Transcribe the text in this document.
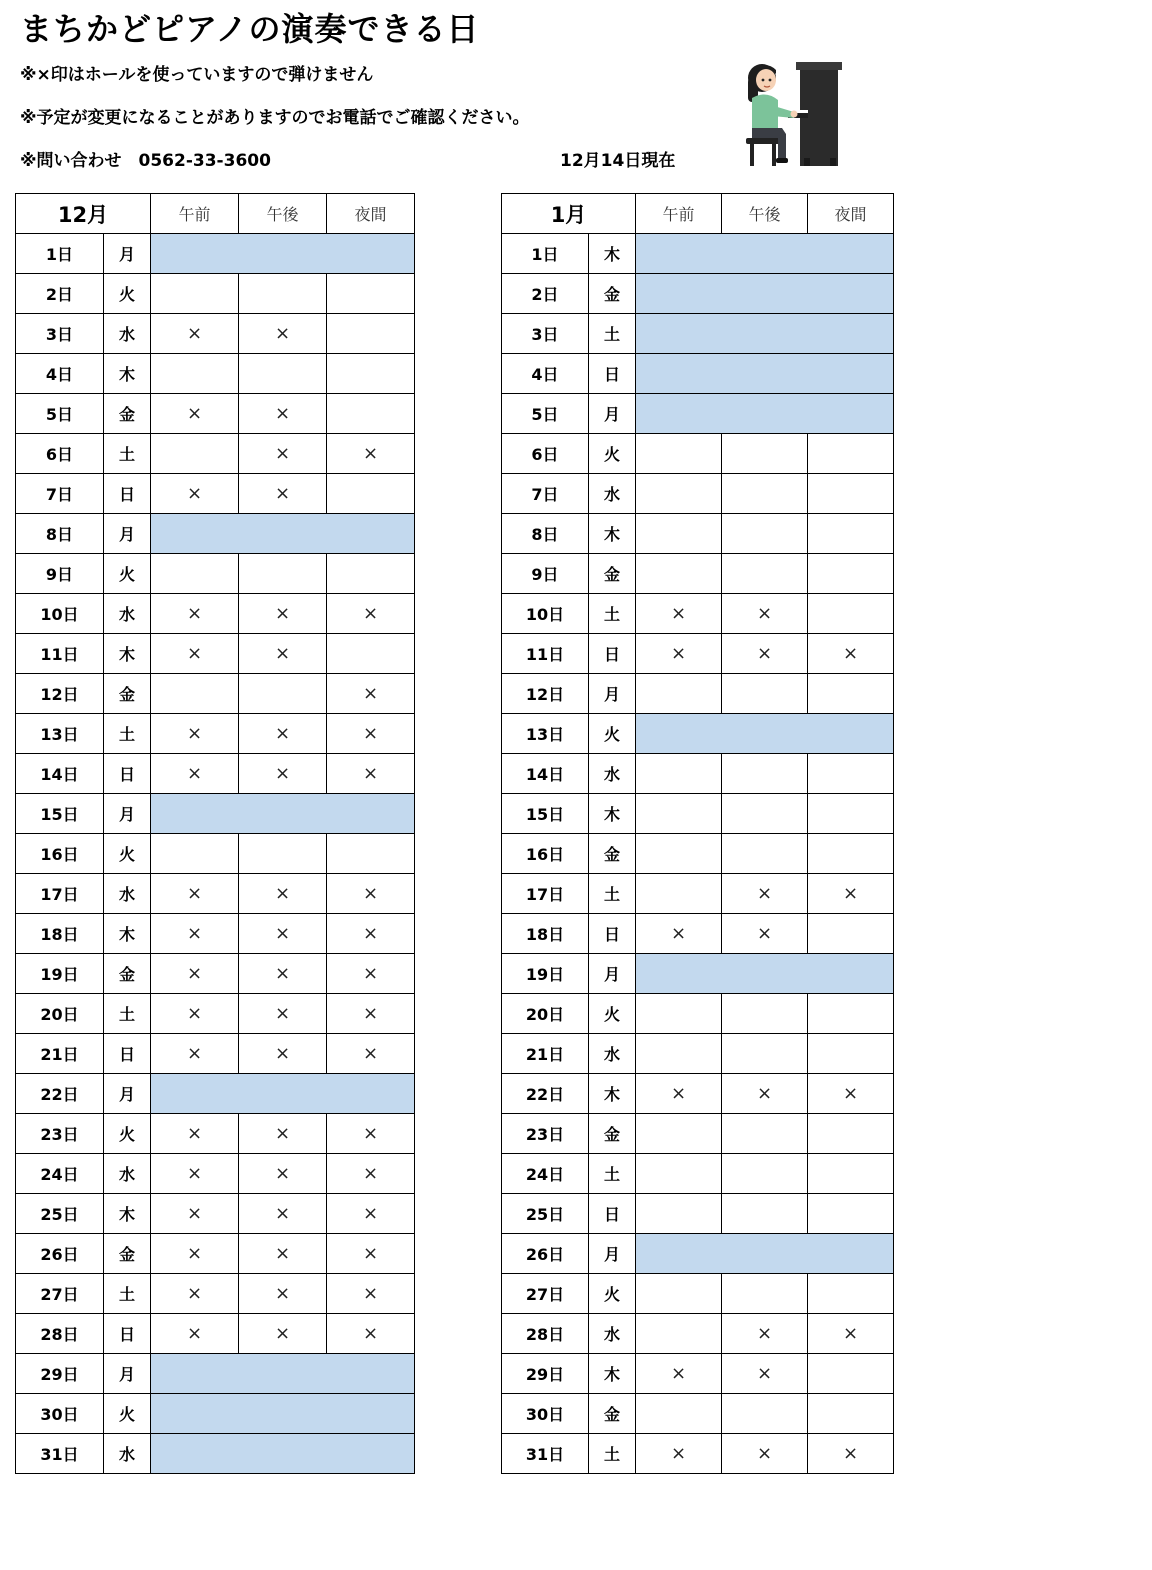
まちかどピアノの演奏できる日
※×印はホールを使っていますので弾けません
※予定が変更になることがありますのでお電話でご確認ください。
※問い合わせ　0562-33-3600	12月14日現在
12月		午前	午後	夜間
1日	月			
2日	火			
3日	水	×	×	
4日	木			
5日	金	×	×	
6日	土		×	×
7日	日	×	×	
8日	月			
9日	火			
10日	水	×	×	×
11日	木	×	×	
12日	金			×
13日	土	×	×	×
14日	日	×	×	×
15日	月			
16日	火			
17日	水	×	×	×
18日	木	×	×	×
19日	金	×	×	×
20日	土	×	×	×
21日	日	×	×	×
22日	月			
23日	火	×	×	×
24日	水	×	×	×
25日	木	×	×	×
26日	金	×	×	×
27日	土	×	×	×
28日	日	×	×	×
29日	月			
30日	火			
31日	水			
1月		午前	午後	夜間
1日	木			
2日	金			
3日	土			
4日	日			
5日	月			
6日	火			
7日	水			
8日	木			
9日	金			
10日	土	×	×	
11日	日	×	×	×
12日	月			
13日	火			
14日	水			
15日	木			
16日	金			
17日	土		×	×
18日	日	×	×	
19日	月			
20日	火			
21日	水			
22日	木	×	×	×
23日	金			
24日	土			
25日	日			
26日	月			
27日	火			
28日	水		×	×
29日	木	×	×	
30日	金			
31日	土	×	×	×
